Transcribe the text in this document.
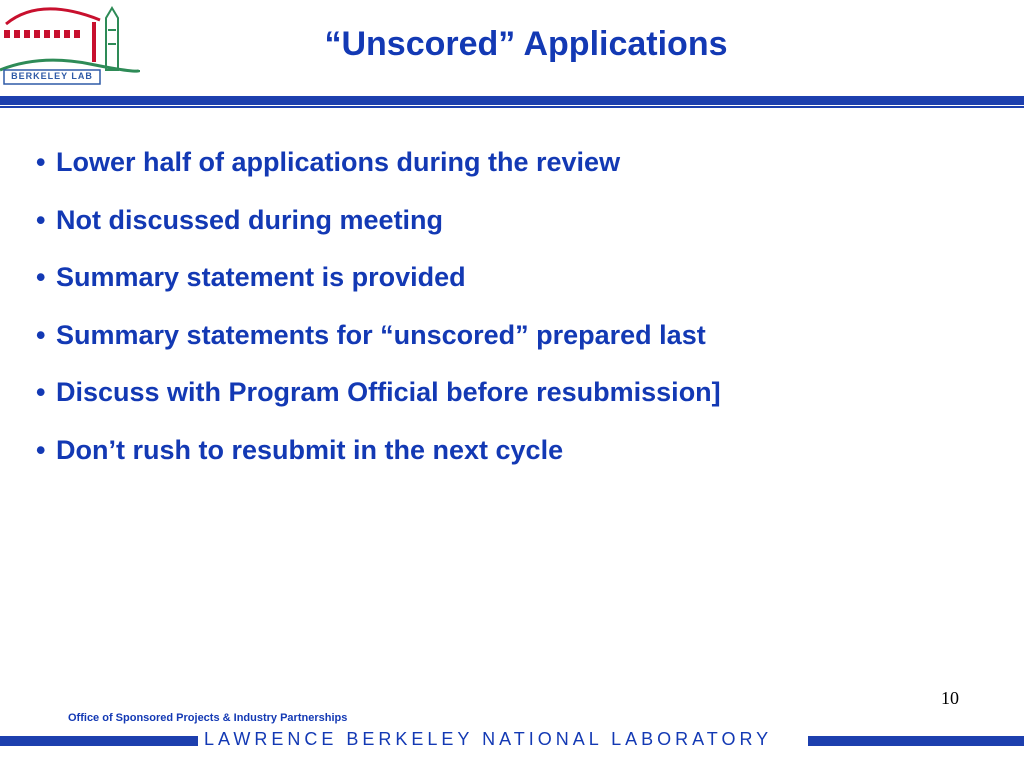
BERKELEY LAB
“Unscored” Applications
• Lower half of applications during the review
• Not discussed during meeting
• Summary statement is provided
• Summary statements for “unscored” prepared last
• Discuss with Program Official before resubmission]
• Don’t rush to resubmit in the next cycle
10
Office of Sponsored Projects & Industry Partnerships
LAWRENCE BERKELEY NATIONAL LABORATORY
